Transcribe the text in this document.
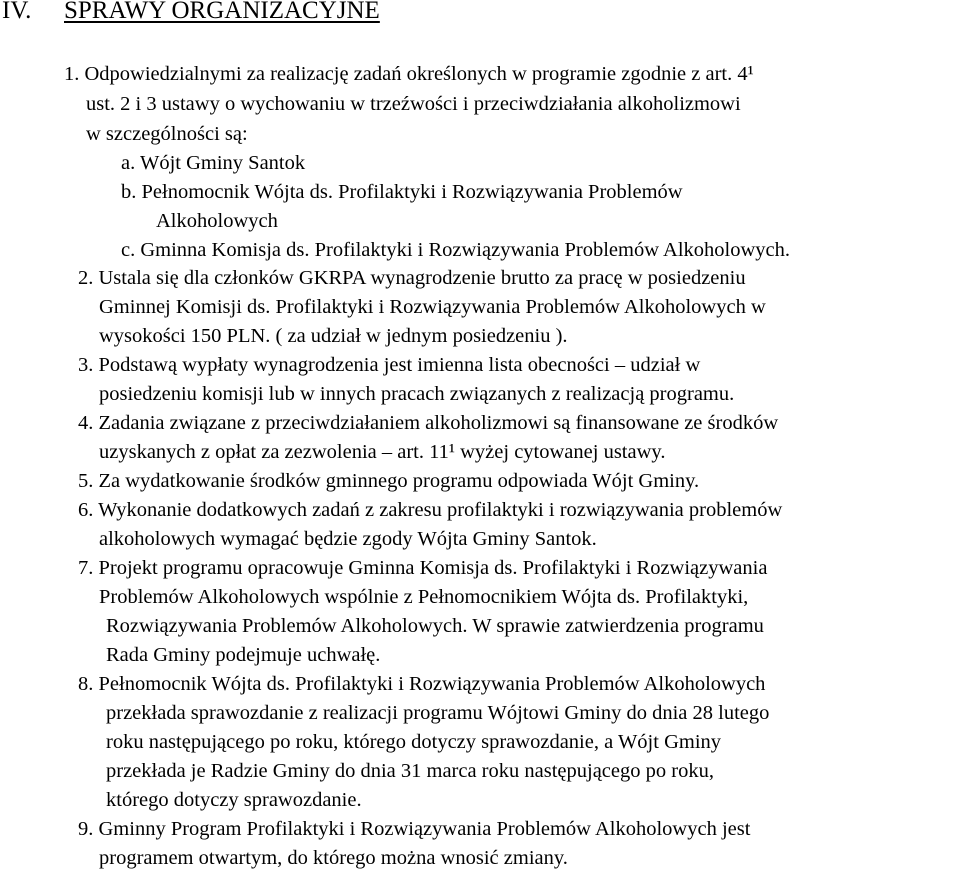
IV. SPRAWY ORGANIZACYJNE
1. Odpowiedzialnymi za realizację zadań określonych w programie zgodnie z art. 4¹
ust. 2 i 3 ustawy o wychowaniu w trzeźwości i przeciwdziałania alkoholizmowi
w szczególności są:
a. Wójt Gminy Santok
b. Pełnomocnik Wójta ds. Profilaktyki i Rozwiązywania Problemów
Alkoholowych
c. Gminna Komisja ds. Profilaktyki i Rozwiązywania Problemów Alkoholowych.
2. Ustala się dla członków GKRPA wynagrodzenie brutto za pracę w posiedzeniu
Gminnej Komisji ds. Profilaktyki i Rozwiązywania Problemów Alkoholowych w
wysokości 150 PLN. ( za udział w jednym posiedzeniu ).
3. Podstawą wypłaty wynagrodzenia jest imienna lista obecności – udział w
posiedzeniu komisji lub w innych pracach związanych z realizacją programu.
4. Zadania związane z przeciwdziałaniem alkoholizmowi są finansowane ze środków
uzyskanych z opłat za zezwolenia – art. 11¹ wyżej cytowanej ustawy.
5. Za wydatkowanie środków gminnego programu odpowiada Wójt Gminy.
6. Wykonanie dodatkowych zadań z zakresu profilaktyki i rozwiązywania problemów
alkoholowych wymagać będzie zgody Wójta Gminy Santok.
7. Projekt programu opracowuje Gminna Komisja ds. Profilaktyki i Rozwiązywania
Problemów Alkoholowych wspólnie z Pełnomocnikiem Wójta ds. Profilaktyki,
Rozwiązywania Problemów Alkoholowych. W sprawie zatwierdzenia programu
Rada Gminy podejmuje uchwałę.
8. Pełnomocnik Wójta ds. Profilaktyki i Rozwiązywania Problemów Alkoholowych
przekłada sprawozdanie z realizacji programu Wójtowi Gminy do dnia 28 lutego
roku następującego po roku, którego dotyczy sprawozdanie, a Wójt Gminy
przekłada je Radzie Gminy do dnia 31 marca roku następującego po roku,
którego dotyczy sprawozdanie.
9. Gminny Program Profilaktyki i Rozwiązywania Problemów Alkoholowych jest
programem otwartym, do którego można wnosić zmiany.
